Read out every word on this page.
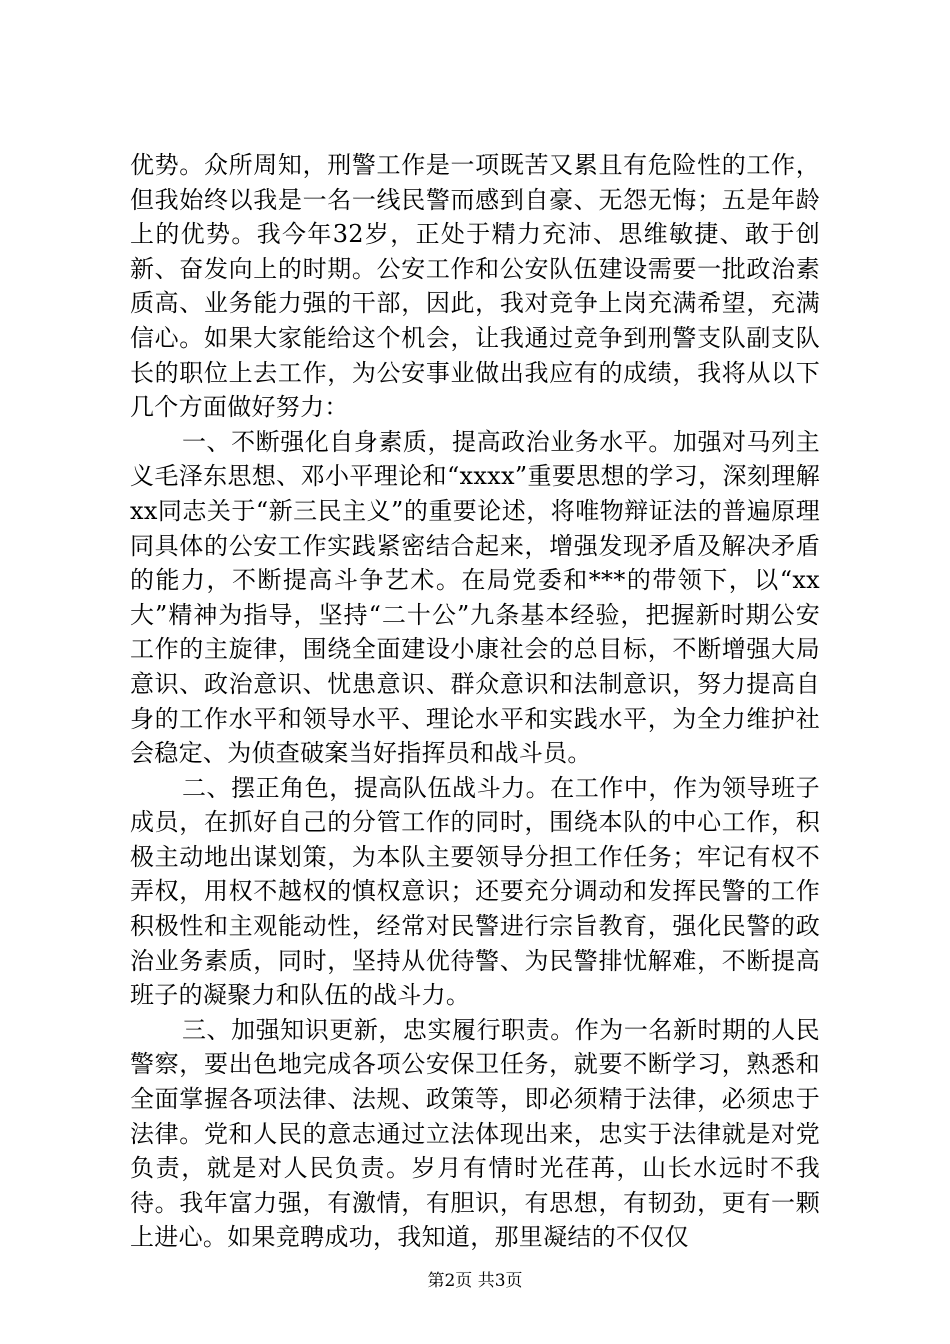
优势。众所周知，刑警工作是一项既苦又累且有危险性的工作，但我始终以我是一名一线民警而感到自豪、无怨无悔；五是年龄上的优势。我今年32岁，正处于精力充沛、思维敏捷、敢于创新、奋发向上的时期。公安工作和公安队伍建设需要一批政治素质高、业务能力强的干部，因此，我对竞争上岗充满希望，充满信心。如果大家能给这个机会，让我通过竞争到刑警支队副支队长的职位上去工作，为公安事业做出我应有的成绩，我将从以下几个方面做好努力：

一、不断强化自身素质，提高政治业务水平。加强对马列主义毛泽东思想、邓小平理论和“xxxx”重要思想的学习，深刻理解xx同志关于“新三民主义”的重要论述，将唯物辩证法的普遍原理同具体的公安工作实践紧密结合起来，增强发现矛盾及解决矛盾的能力，不断提高斗争艺术。在局党委和***的带领下，以“xx大”精神为指导，坚持“二十公”九条基本经验，把握新时期公安工作的主旋律，围绕全面建设小康社会的总目标，不断增强大局意识、政治意识、忧患意识、群众意识和法制意识，努力提高自身的工作水平和领导水平、理论水平和实践水平，为全力维护社会稳定、为侦查破案当好指挥员和战斗员。

二、摆正角色，提高队伍战斗力。在工作中，作为领导班子成员，在抓好自己的分管工作的同时，围绕本队的中心工作，积极主动地出谋划策，为本队主要领导分担工作任务；牢记有权不弄权，用权不越权的慎权意识；还要充分调动和发挥民警的工作积极性和主观能动性，经常对民警进行宗旨教育，强化民警的政治业务素质，同时，坚持从优待警、为民警排忧解难，不断提高班子的凝聚力和队伍的战斗力。

三、加强知识更新，忠实履行职责。作为一名新时期的人民警察，要出色地完成各项公安保卫任务，就要不断学习，熟悉和全面掌握各项法律、法规、政策等，即必须精于法律，必须忠于法律。党和人民的意志通过立法体现出来，忠实于法律就是对党负责，就是对人民负责。岁月有情时光荏苒，山长水远时不我待。我年富力强，有激情，有胆识，有思想，有韧劲，更有一颗上进心。如果竞聘成功，我知道，那里凝结的不仅仅

第2页 共3页
